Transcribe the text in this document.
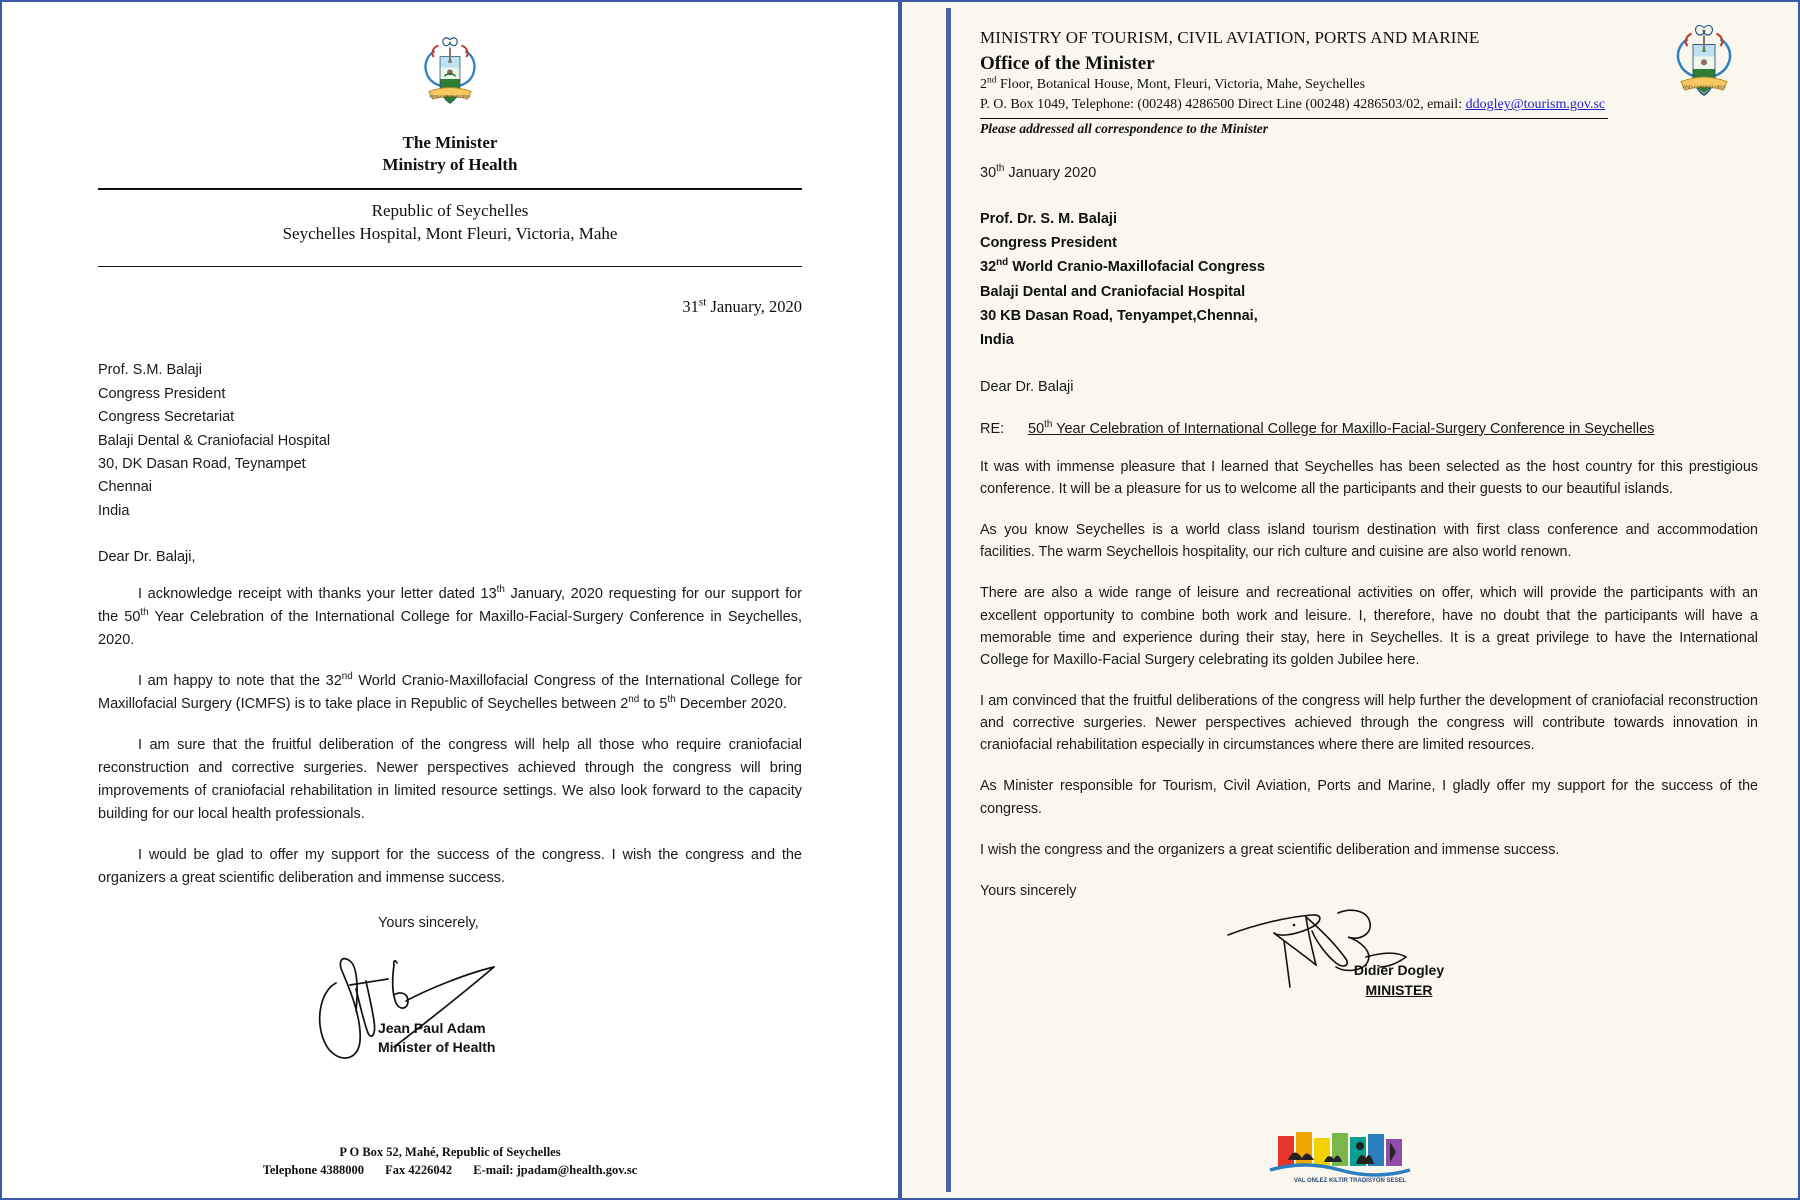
FINIS CORONAT OPUS
The Minister
Ministry of Health
Republic of Seychelles
Seychelles Hospital, Mont Fleuri, Victoria, Mahe
31st January, 2020
Prof. S.M. Balaji
Congress President
Congress Secretariat
Balaji Dental & Craniofacial Hospital
30, DK Dasan Road, Teynampet
Chennai
India
Dear Dr. Balaji,
I acknowledge receipt with thanks your letter dated 13th January, 2020 requesting for our support for the 50th Year Celebration of the International College for Maxillo-Facial-Surgery Conference in Seychelles, 2020.
I am happy to note that the 32nd World Cranio-Maxillofacial Congress of the International College for Maxillofacial Surgery (ICMFS) is to take place in Republic of Seychelles between 2nd to 5th December 2020.
I am sure that the fruitful deliberation of the congress will help all those who require craniofacial reconstruction and corrective surgeries. Newer perspectives achieved through the congress will bring improvements of craniofacial rehabilitation in limited resource settings. We also look forward to the capacity building for our local health professionals.
I would be glad to offer my support for the success of the congress. I wish the congress and the organizers a great scientific deliberation and immense success.
Yours sincerely,
Jean Paul Adam
Minister of Health
P O Box 52, Mahé, Republic of Seychelles
Telephone 4388000 Fax 4226042 E-mail: jpadam@health.gov.sc
FINIS CORONAT OPUS
MINISTRY OF TOURISM, CIVIL AVIATION, PORTS AND MARINE
Office of the Minister
2nd Floor, Botanical House, Mont, Fleuri, Victoria, Mahe, Seychelles
P. O. Box 1049, Telephone: (00248) 4286500 Direct Line (00248) 4286503/02, email: ddogley@tourism.gov.sc
Please addressed all correspondence to the Minister
30th January 2020
Prof. Dr. S. M. Balaji
Congress President
32nd World Cranio-Maxillofacial Congress
Balaji Dental and Craniofacial Hospital
30 KB Dasan Road, Tenyampet,Chennai,
India
Dear Dr. Balaji
RE:	50th Year Celebration of International College for Maxillo-Facial-Surgery Conference in Seychelles
It was with immense pleasure that I learned that Seychelles has been selected as the host country for this prestigious conference. It will be a pleasure for us to welcome all the participants and their guests to our beautiful islands.
As you know Seychelles is a world class island tourism destination with first class conference and accommodation facilities. The warm Seychellois hospitality, our rich culture and cuisine are also world renown.
There are also a wide range of leisure and recreational activities on offer, which will provide the participants with an excellent opportunity to combine both work and leisure. I, therefore, have no doubt that the participants will have a memorable time and experience during their stay, here in Seychelles. It is a great privilege to have the International College for Maxillo-Facial Surgery celebrating its golden Jubilee here.
I am convinced that the fruitful deliberations of the congress will help further the development of craniofacial reconstruction and corrective surgeries. Newer perspectives achieved through the congress will contribute towards innovation in craniofacial rehabilitation especially in circumstances where there are limited resources.
As Minister responsible for Tourism, Civil Aviation, Ports and Marine, I gladly offer my support for the success of the congress.
I wish the congress and the organizers a great scientific deliberation and immense success.
Yours sincerely
Didier Dogley
MINISTER
VAL ONLEZ KILTIR TRADISYON SESEL
